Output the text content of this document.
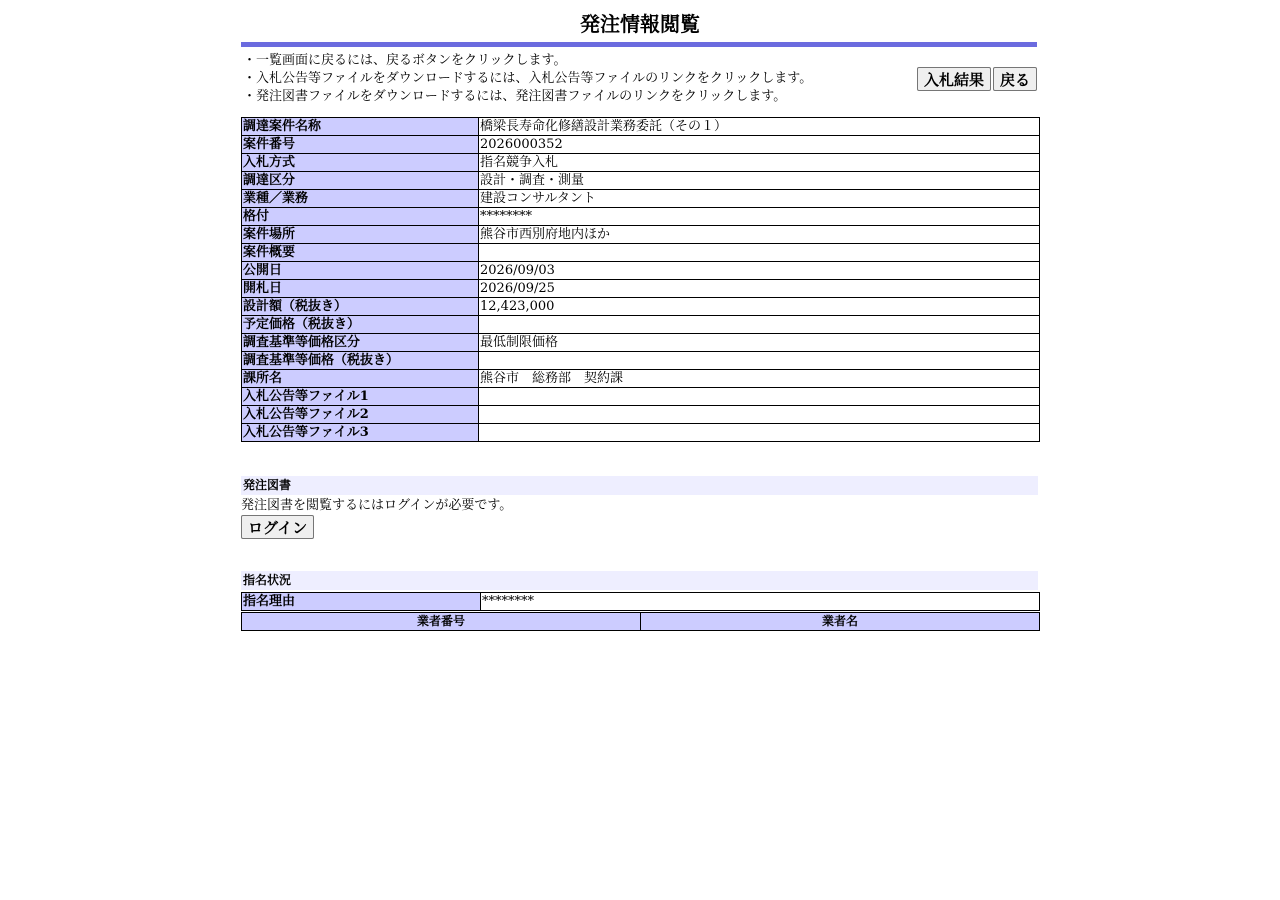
発注情報閲覧
・一覧画面に戻るには、戻るボタンをクリックします。
・入札公告等ファイルをダウンロードするには、入札公告等ファイルのリンクをクリックします。
・発注図書ファイルをダウンロードするには、発注図書ファイルのリンクをクリックします。
入札結果 戻る
調達案件名称	橋梁長寿命化修繕設計業務委託（その１）
案件番号	2026000352
入札方式	指名競争入札
調達区分	設計・調査・測量
業種／業務	建設コンサルタント
格付	********
案件場所	熊谷市西別府地内ほか
案件概要	
公開日	2026/09/03
開札日	2026/09/25
設計額（税抜き）	12,423,000
予定価格（税抜き）	
調査基準等価格区分	最低制限価格
調査基準等価格（税抜き）	
課所名	熊谷市　総務部　契約課
入札公告等ファイル1	
入札公告等ファイル2	
入札公告等ファイル3	
発注図書
発注図書を閲覧するにはログインが必要です。
ログイン
指名状況
指名理由	********
業者番号	業者名
